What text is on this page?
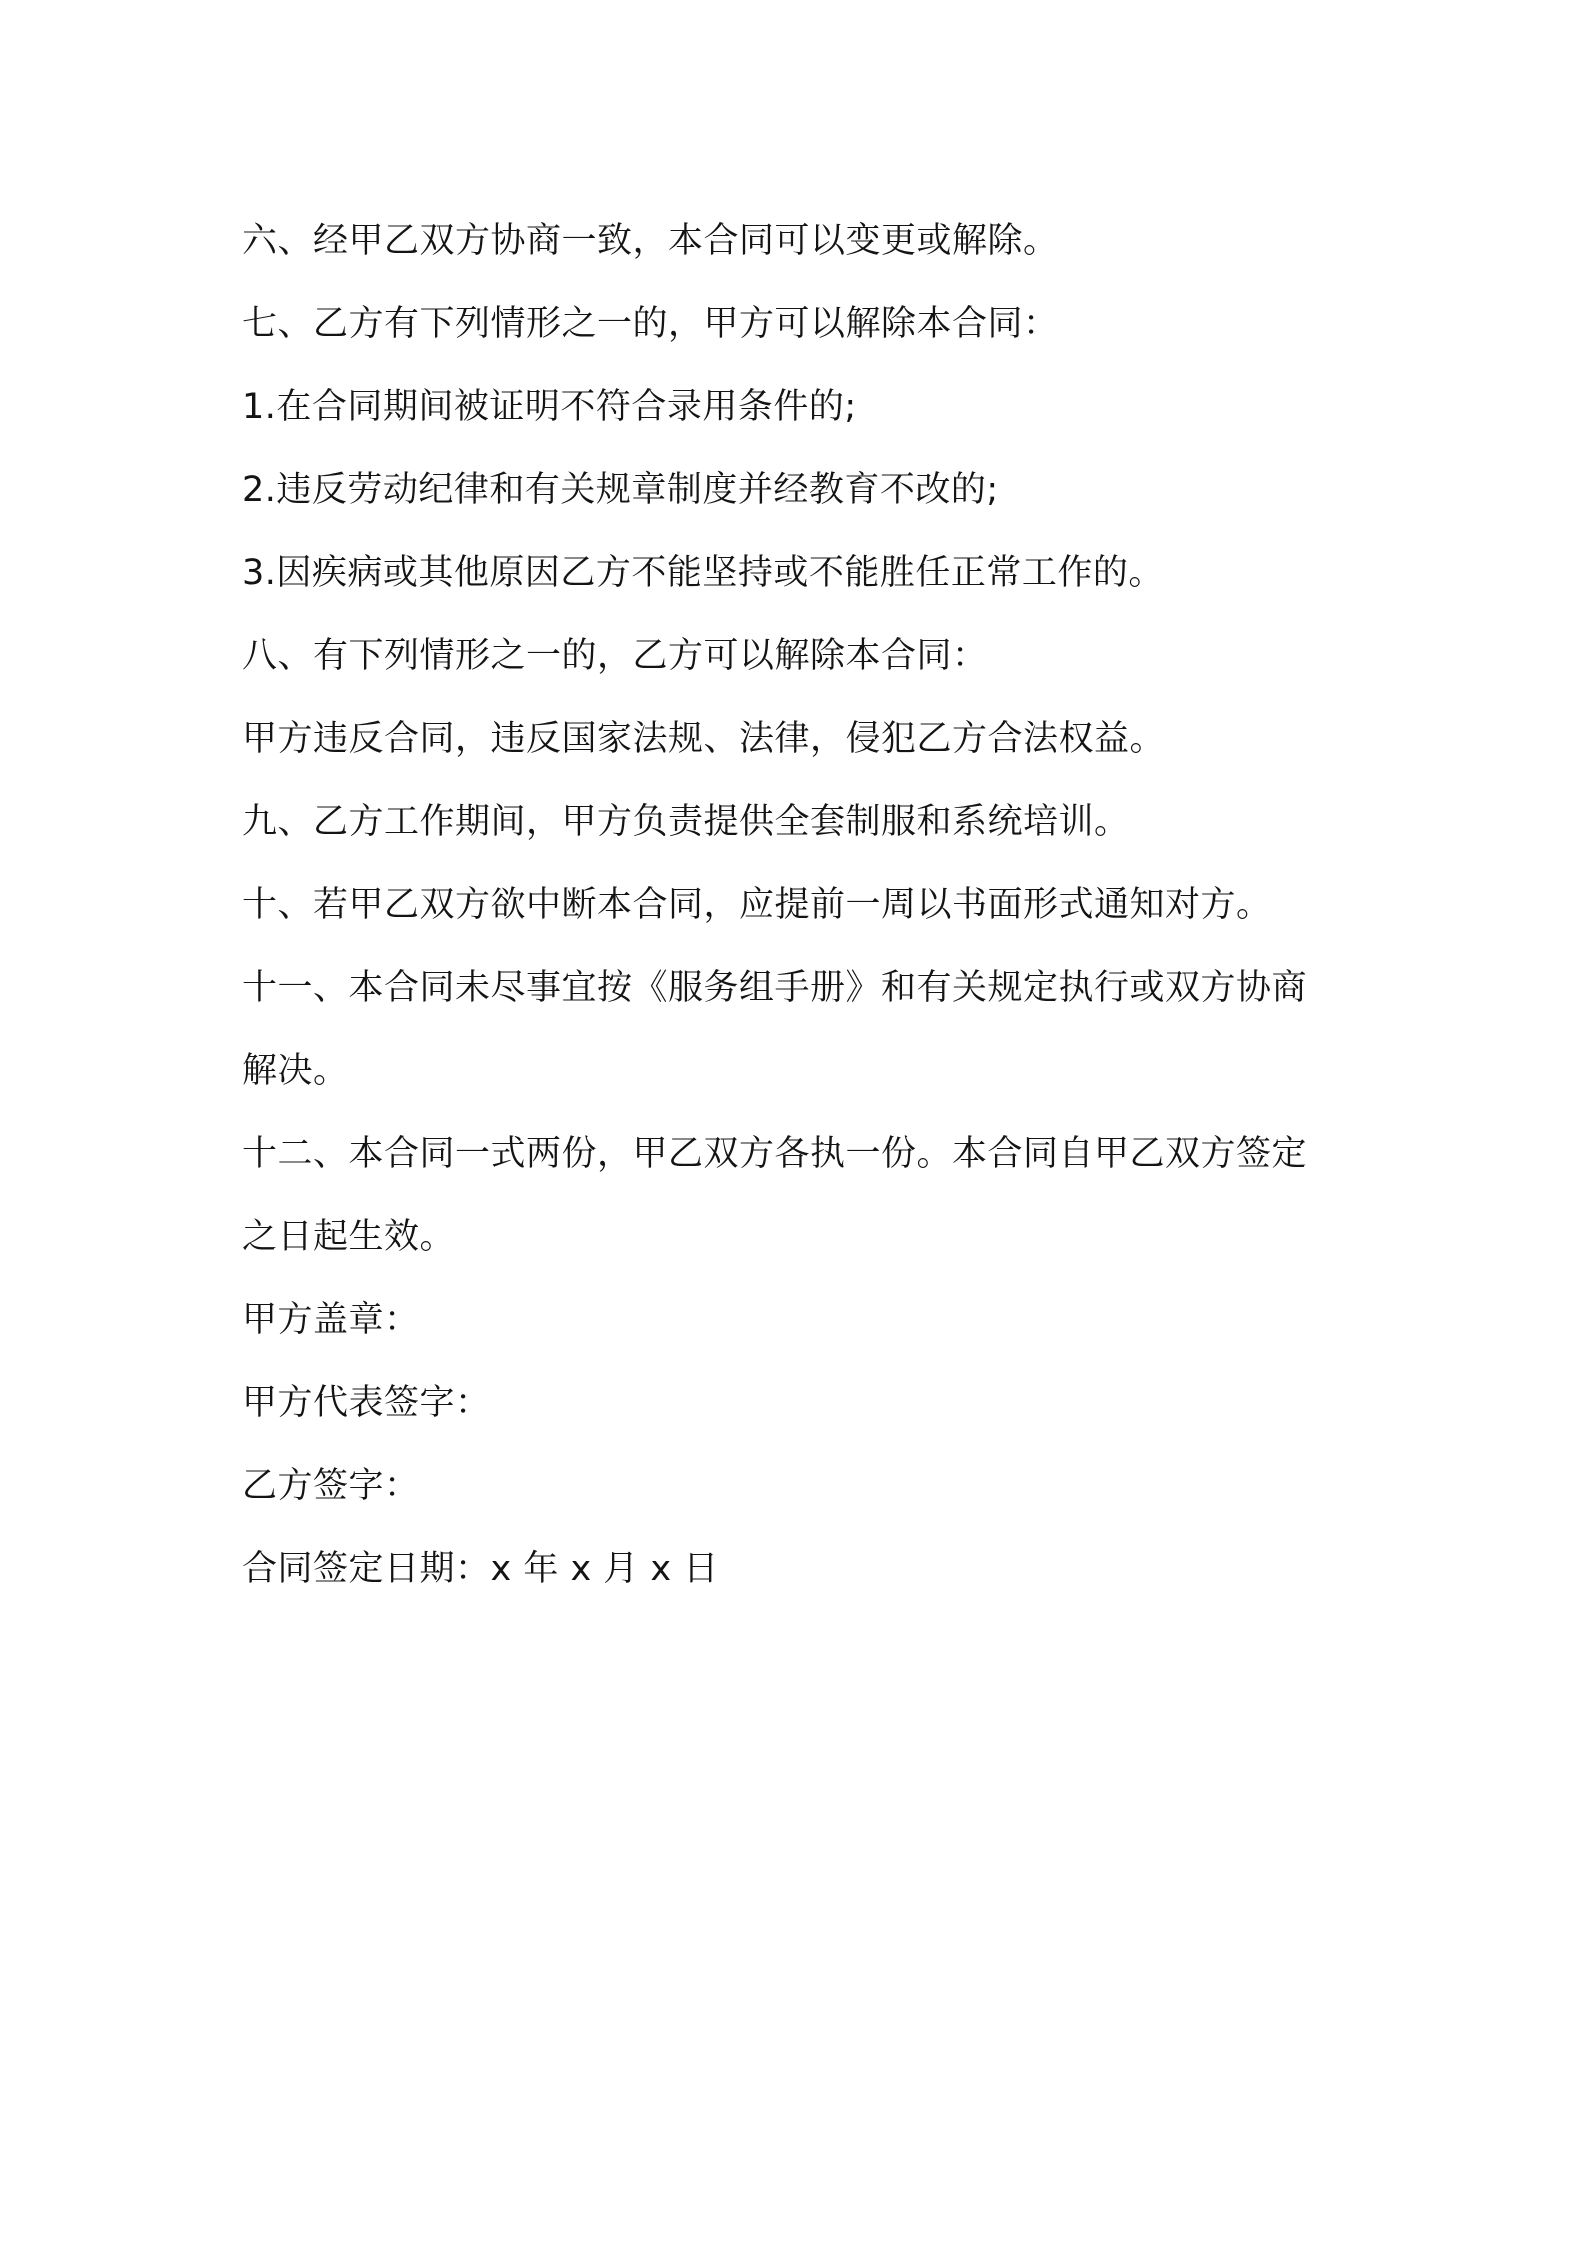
六、经甲乙双方协商一致，本合同可以变更或解除。
七、乙方有下列情形之一的，甲方可以解除本合同：
1.在合同期间被证明不符合录用条件的;
2.违反劳动纪律和有关规章制度并经教育不改的;
3.因疾病或其他原因乙方不能坚持或不能胜任正常工作的。
八、有下列情形之一的，乙方可以解除本合同：
甲方违反合同，违反国家法规、法律，侵犯乙方合法权益。
九、乙方工作期间，甲方负责提供全套制服和系统培训。
十、若甲乙双方欲中断本合同，应提前一周以书面形式通知对方。
十一、本合同未尽事宜按《服务组手册》和有关规定执行或双方协商
解决。
十二、本合同一式两份，甲乙双方各执一份。本合同自甲乙双方签定
之日起生效。
甲方盖章：
甲方代表签字：
乙方签字：
合同签定日期：x 年 x 月 x 日
